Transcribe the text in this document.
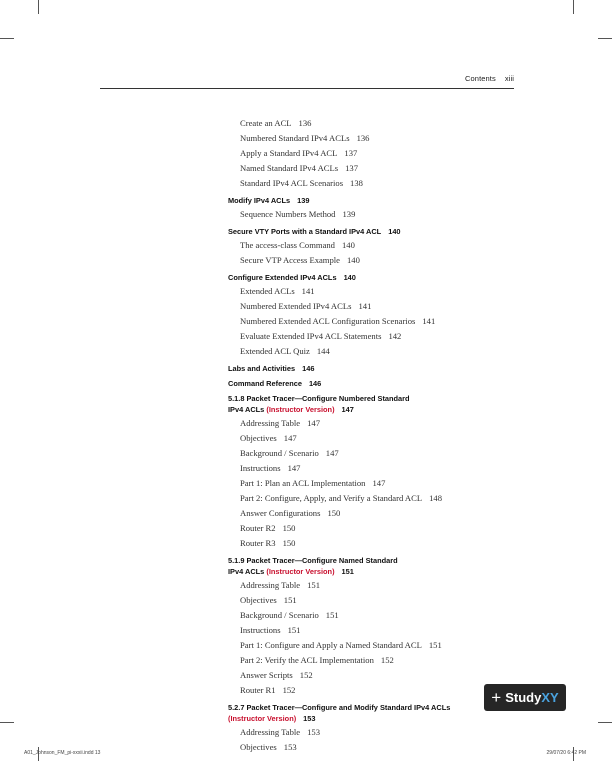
Contents xiii
Create an ACL 136
Numbered Standard IPv4 ACLs 136
Apply a Standard IPv4 ACL 137
Named Standard IPv4 ACLs 137
Standard IPv4 ACL Scenarios 138
Modify IPv4 ACLs 139
Sequence Numbers Method 139
Secure VTY Ports with a Standard IPv4 ACL 140
The access-class Command 140
Secure VTP Access Example 140
Configure Extended IPv4 ACLs 140
Extended ACLs 141
Numbered Extended IPv4 ACLs 141
Numbered Extended ACL Configuration Scenarios 141
Evaluate Extended IPv4 ACL Statements 142
Extended ACL Quiz 144
Labs and Activities 146
Command Reference 146
5.1.8 Packet Tracer—Configure Numbered Standard
IPv4 ACLs (Instructor Version) 147
Addressing Table 147
Objectives 147
Background / Scenario 147
Instructions 147
Part 1: Plan an ACL Implementation 147
Part 2: Configure, Apply, and Verify a Standard ACL 148
Answer Configurations 150
Router R2 150
Router R3 150
5.1.9 Packet Tracer—Configure Named Standard
IPv4 ACLs (Instructor Version) 151
Addressing Table 151
Objectives 151
Background / Scenario 151
Instructions 151
Part 1: Configure and Apply a Named Standard ACL 151
Part 2: Verify the ACL Implementation 152
Answer Scripts 152
Router R1 152
5.2.7 Packet Tracer—Configure and Modify Standard IPv4 ACLs
(Instructor Version) 153
Addressing Table 153
Objectives 153
+ Study XY
A01_Johnson_FM_pi-xxxii.indd 13	29/07/20 6:42 PM
